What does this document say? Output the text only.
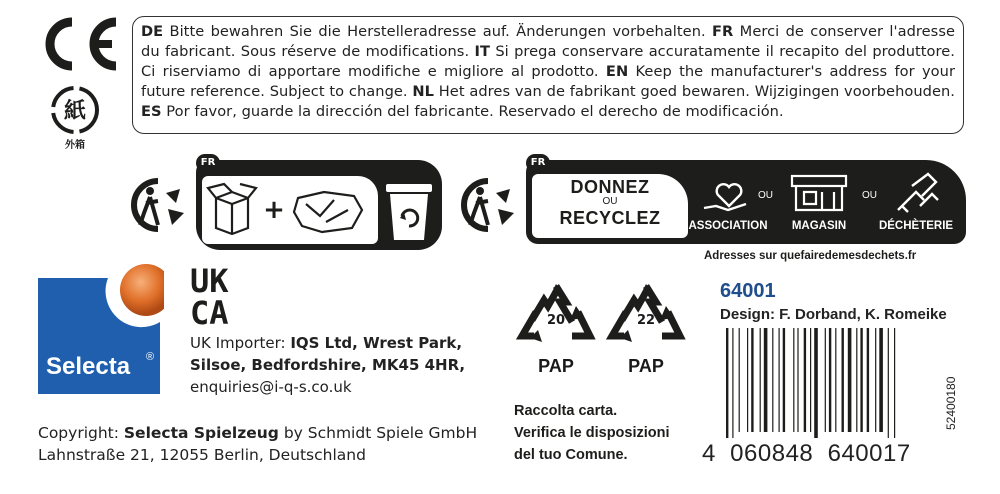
紙
外箱
DE Bitte bewahren Sie die Herstelleradresse auf. Änderungen vorbehalten. FR Merci de conserver l'adresse du fabricant. Sous réserve de modifications. IT Si prega conservare accuratamente il recapito del produttore. Ci riserviamo di apportare modifiche e migliore al prodotto. EN Keep the manufacturer's address for your future reference. Subject to change. NL Het adres van de fabrikant goed bewaren. Wijzigingen voorbehouden. ES Por favor, guarde la dirección del fabricante. Reservado el derecho de modificación.
FR
+
FR
DONNEZ
OU
RECYCLEZ	ASSOCIATION
OU
MAGASIN
OU
DÉCHÈTERIE
Adresses sur quefairedemesdechets.fr
Selecta ®
UK
CA
UK Importer: IQS Ltd, Wrest Park,
Silsoe, Bedfordshire, MK45 4HR,
enquiries@i-q-s.co.uk
Copyright: Selecta Spielzeug by Schmidt Spiele GmbH
Lahnstraße 21, 12055 Berlin, Deutschland
20
PAP
22
PAP
Raccolta carta.
Verifica le disposizioni
del tuo Comune.
64001
Design: F. Dorband, K. Romeike
4  060848  640017
52400180
